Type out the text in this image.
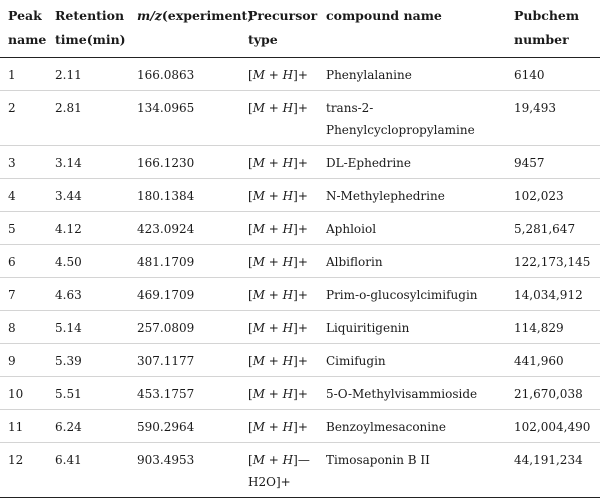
Peak
name	Retention
time(min)	m/z(experiment)	Precursor
type	compound name	Pubchem
number
1	2.11	166.0863	[M + H]+	Phenylalanine	6140
2	2.81	134.0965	[M + H]+	trans-2-
Phenylcyclopropylamine	19,493
3	3.14	166.1230	[M + H]+	DL-Ephedrine	9457
4	3.44	180.1384	[M + H]+	N-Methylephedrine	102,023
5	4.12	423.0924	[M + H]+	Aphloiol	5,281,647
6	4.50	481.1709	[M + H]+	Albiflorin	122,173,145
7	4.63	469.1709	[M + H]+	Prim-o-glucosylcimifugin	14,034,912
8	5.14	257.0809	[M + H]+	Liquiritigenin	114,829
9	5.39	307.1177	[M + H]+	Cimifugin	441,960
10	5.51	453.1757	[M + H]+	5-O-Methylvisammioside	21,670,038
11	6.24	590.2964	[M + H]+	Benzoylmesaconine	102,004,490
12	6.41	903.4953	[M + H]—
H2O]+	Timosaponin B II	44,191,234
